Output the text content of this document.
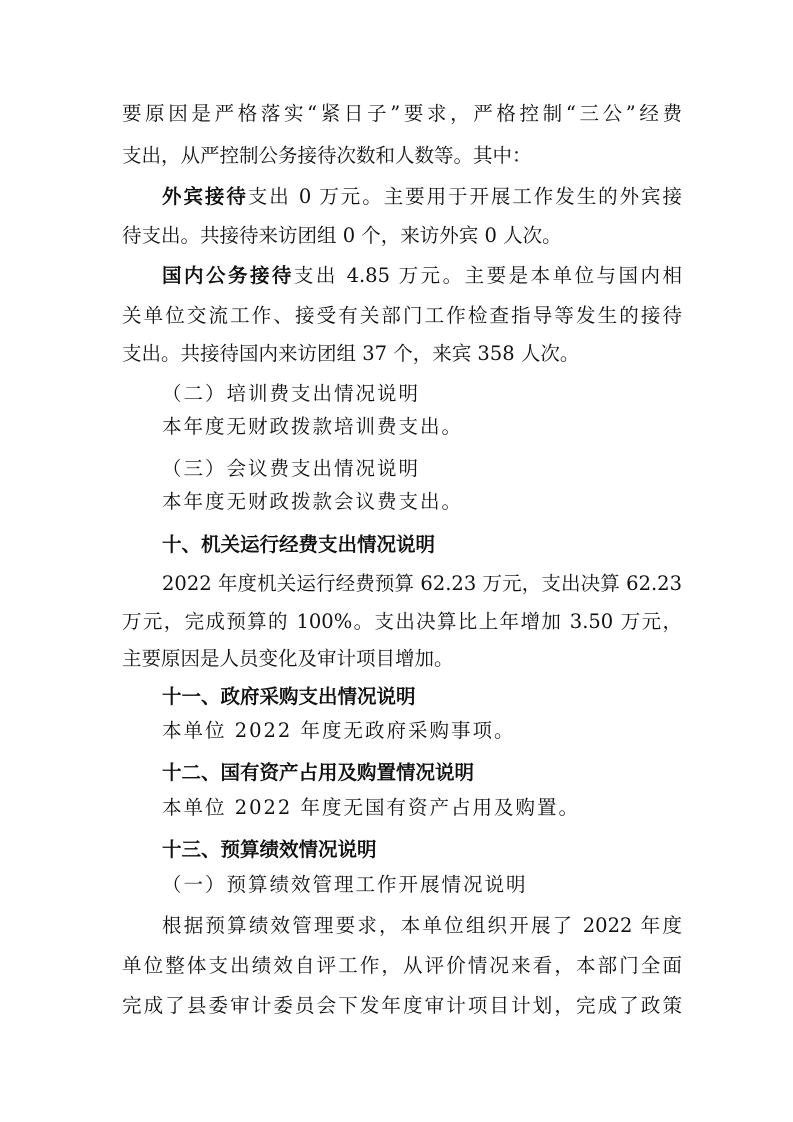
要原因是严格落实“紧日子”要求，严格控制“三公”经费
支出，从严控制公务接待次数和人数等。其中：
外宾接待支出 0 万元。主要用于开展工作发生的外宾接
待支出。共接待来访团组 0 个，来访外宾 0 人次。
国内公务接待支出 4.85 万元。主要是本单位与国内相
关单位交流工作、接受有关部门工作检查指导等发生的接待
支出。共接待国内来访团组 37 个，来宾 358 人次。
（二）培训费支出情况说明
本年度无财政拨款培训费支出。
（三）会议费支出情况说明
本年度无财政拨款会议费支出。
十、机关运行经费支出情况说明
2022 年度机关运行经费预算 62.23 万元，支出决算 62.23
万元，完成预算的 100%。支出决算比上年增加 3.50 万元，
主要原因是人员变化及审计项目增加。
十一、政府采购支出情况说明
本单位 2022 年度无政府采购事项。
十二、国有资产占用及购置情况说明
本单位 2022 年度无国有资产占用及购置。
十三、预算绩效情况说明
（一）预算绩效管理工作开展情况说明
根据预算绩效管理要求，本单位组织开展了 2022 年度
单位整体支出绩效自评工作，从评价情况来看，本部门全面
完成了县委审计委员会下发年度审计项目计划，完成了政策
